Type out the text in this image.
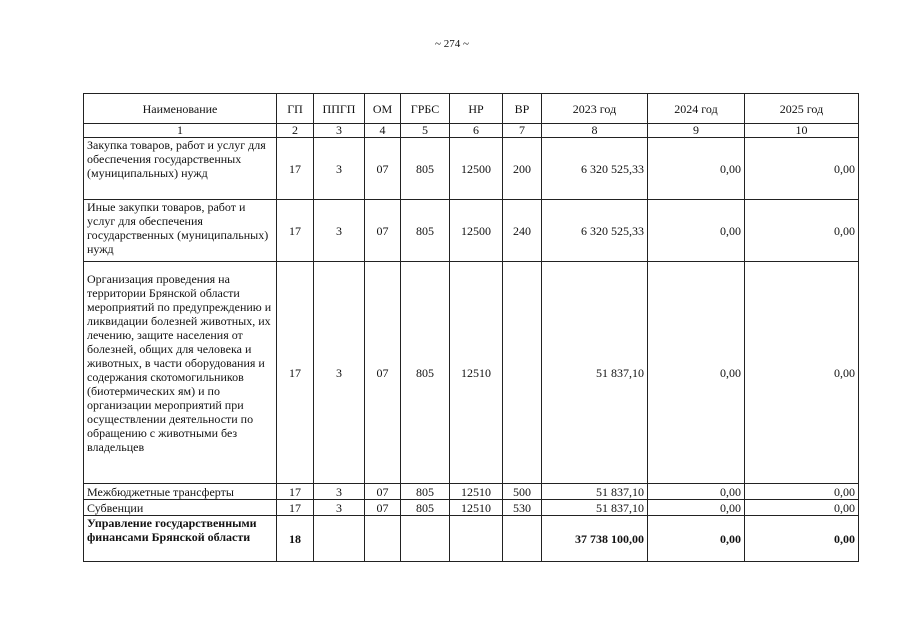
~ 274 ~
Наименование	ГП	ППГП	ОМ	ГРБС	НР	ВР	2023 год	2024 год	2025 год
1	2	3	4	5	6	7	8	9	10
Закупка товаров, работ и услуг для обеспечения государственных (муниципальных) нужд	17	3	07	805	12500	200	6 320 525,33	0,00	0,00
Иные закупки товаров, работ и услуг для обеспечения государственных (муниципальных) нужд	17	3	07	805	12500	240	6 320 525,33	0,00	0,00
Организация проведения на территории Брянской области мероприятий по предупреждению и ликвидации болезней животных, их лечению, защите населения от болезней, общих для человека и животных, в части оборудования и содержания скотомогильников (биотермических ям) и по организации мероприятий при осуществлении деятельности по обращению с животными без владельцев	17	3	07	805	12510		51 837,10	0,00	0,00
Межбюджетные трансферты	17	3	07	805	12510	500	51 837,10	0,00	0,00
Субвенции	17	3	07	805	12510	530	51 837,10	0,00	0,00
Управление государственными финансами Брянской области	18						37 738 100,00	0,00	0,00
